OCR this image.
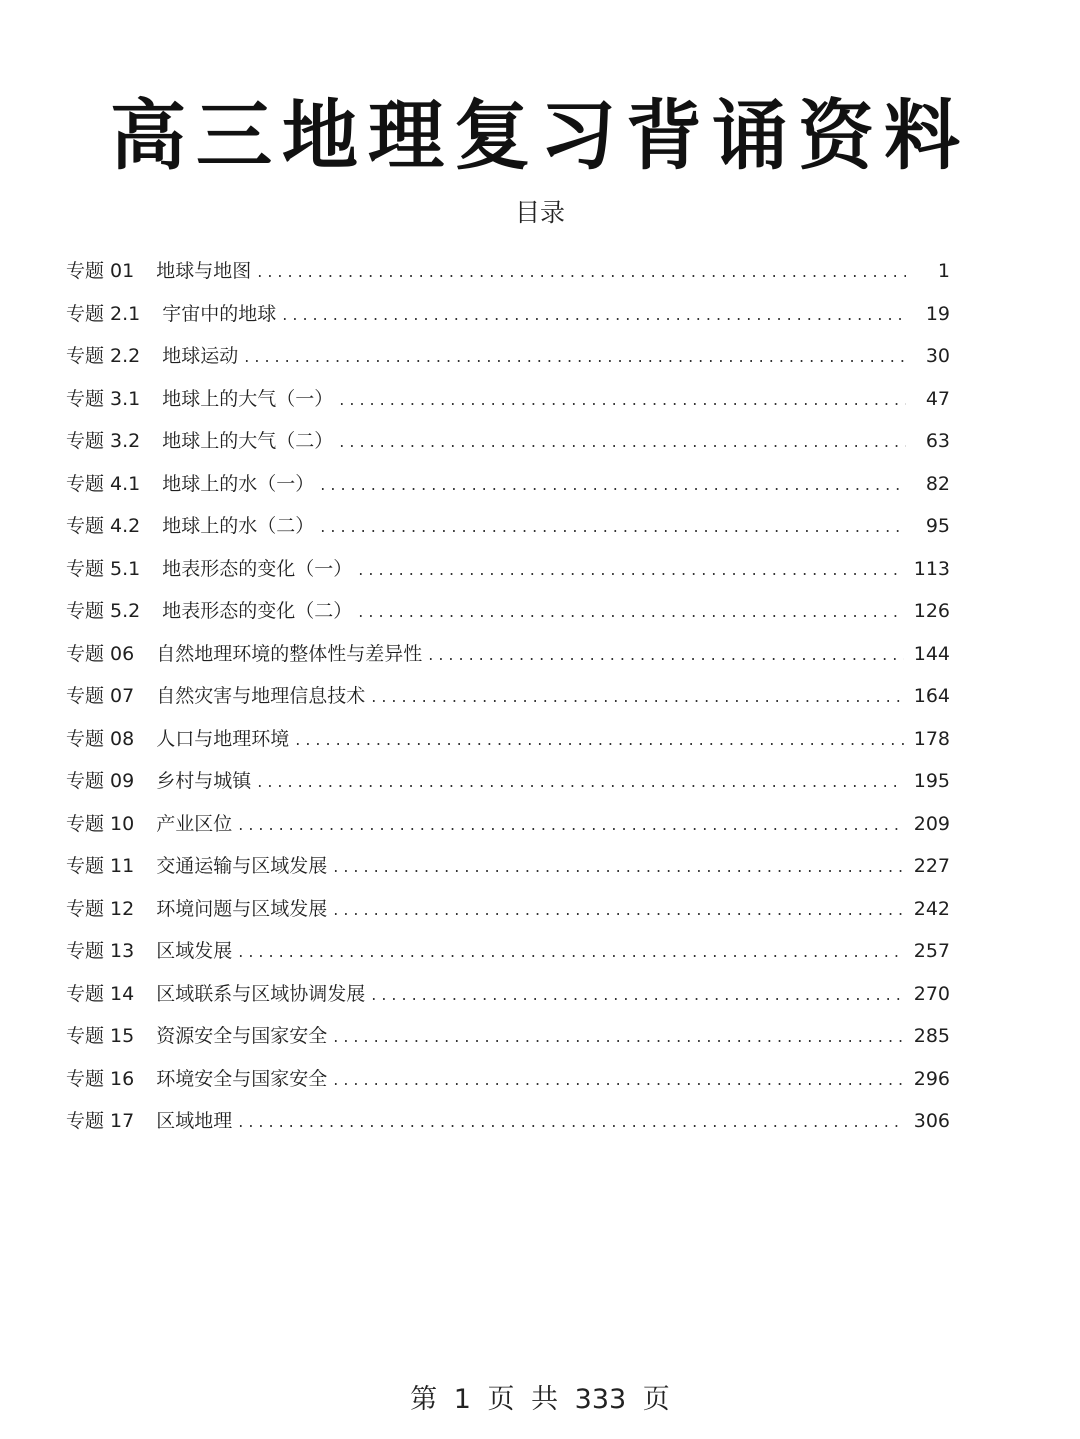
高三地理复习背诵资料
目录
专题 01 地球与地图 .....	1
专题 2.1 宇宙中的地球 .....	19
专题 2.2 地球运动 .....	30
专题 3.1 地球上的大气（一） .....	47
专题 3.2 地球上的大气（二） .....	63
专题 4.1 地球上的水（一） .....	82
专题 4.2 地球上的水（二） .....	95
专题 5.1 地表形态的变化（一） .....	113
专题 5.2 地表形态的变化（二） .....	126
专题 06 自然地理环境的整体性与差异性 .....	144
专题 07 自然灾害与地理信息技术 .....	164
专题 08 人口与地理环境 .....	178
专题 09 乡村与城镇 .....	195
专题 10 产业区位 .....	209
专题 11 交通运输与区域发展 .....	227
专题 12 环境问题与区域发展 .....	242
专题 13 区域发展 .....	257
专题 14 区域联系与区域协调发展 .....	270
专题 15 资源安全与国家安全 .....	285
专题 16 环境安全与国家安全 .....	296
专题 17 区域地理 .....	306
第 1 页 共 333 页
